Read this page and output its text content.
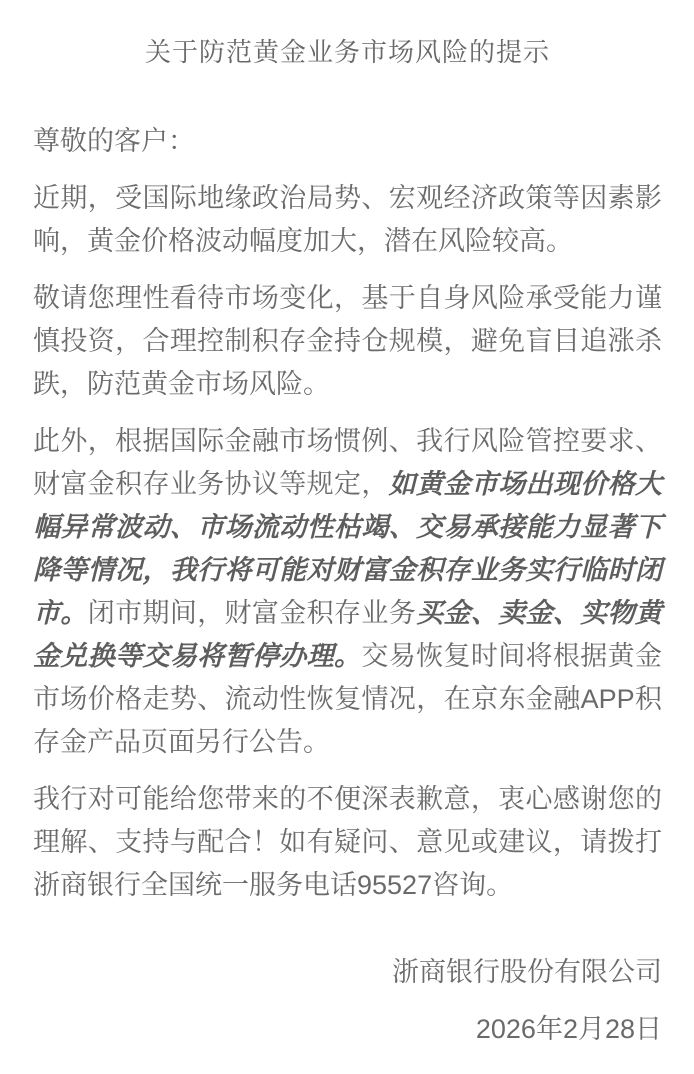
关于防范黄金业务市场风险的提示

尊敬的客户：

近期，受国际地缘政治局势、宏观经济政策等因素影响，黄金价格波动幅度加大，潜在风险较高。

敬请您理性看待市场变化，基于自身风险承受能力谨慎投资，合理控制积存金持仓规模，避免盲目追涨杀跌，防范黄金市场风险。

此外，根据国际金融市场惯例、我行风险管控要求、财富金积存业务协议等规定，如黄金市场出现价格大幅异常波动、市场流动性枯竭、交易承接能力显著下降等情况，我行将可能对财富金积存业务实行临时闭市。闭市期间，财富金积存业务买金、卖金、实物黄金兑换等交易将暂停办理。交易恢复时间将根据黄金市场价格走势、流动性恢复情况，在京东金融APP积存金产品页面另行公告。

我行对可能给您带来的不便深表歉意，衷心感谢您的理解、支持与配合！如有疑问、意见或建议，请拨打浙商银行全国统一服务电话95527咨询。

浙商银行股份有限公司
2026年2月28日
